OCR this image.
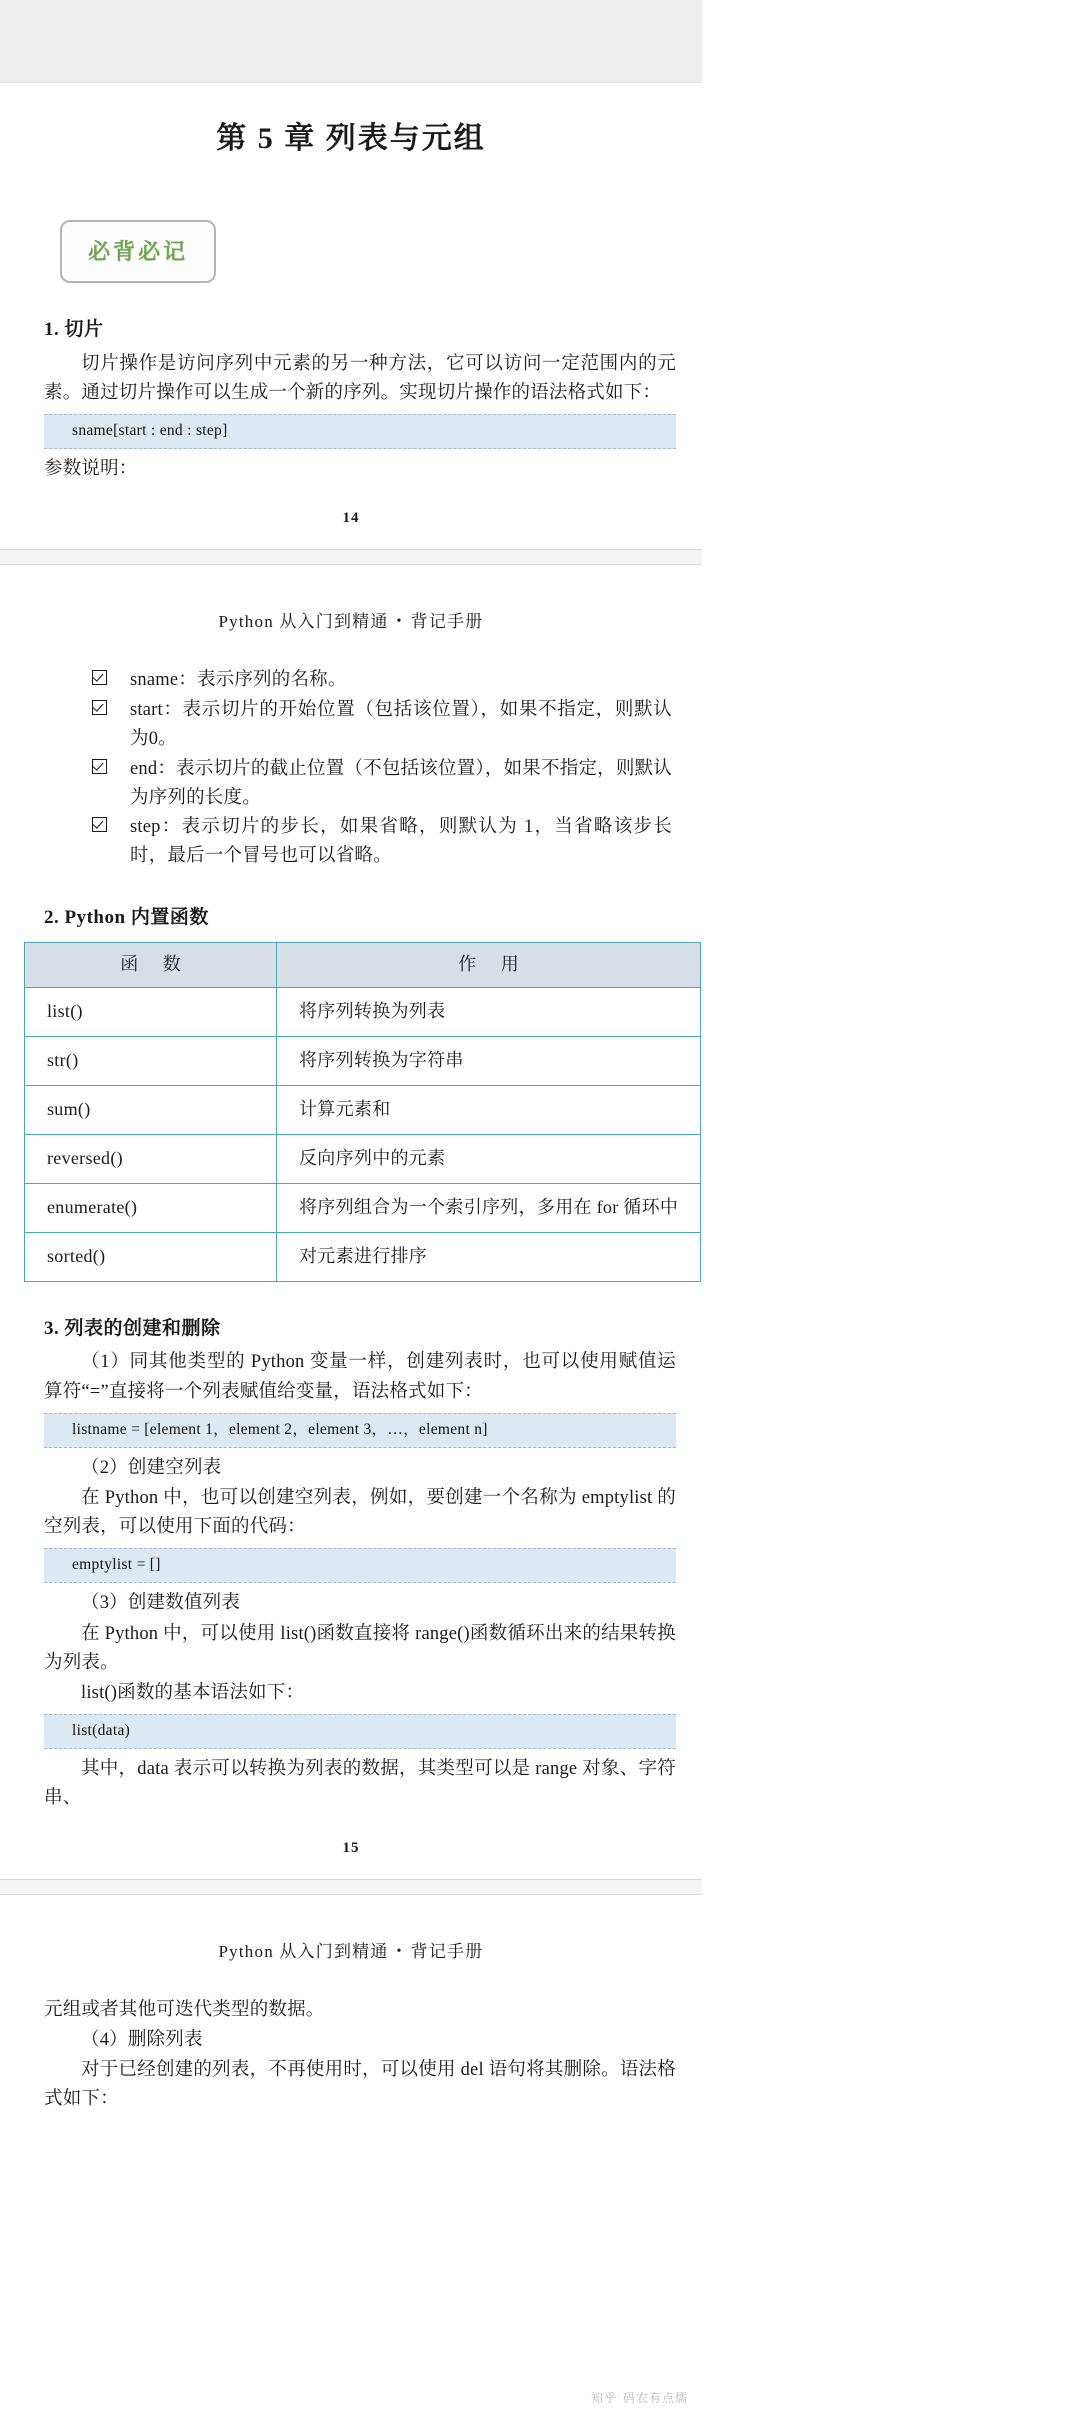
第 5 章 列表与元组
必背必记
1. 切片

切片操作是访问序列中元素的另一种方法，它可以访问一定范围内的元素。通过切片操作可以生成一个新的序列。实现切片操作的语法格式如下：

sname[start : end : step]

参数说明：

14
Python 从入门到精通 • 背记手册
sname：表示序列的名称。
start：表示切片的开始位置（包括该位置），如果不指定，则默认为0。
end：表示切片的截止位置（不包括该位置），如果不指定，则默认为序列的长度。
step：表示切片的步长，如果省略，则默认为 1，当省略该步长时，最后一个冒号也可以省略。
2. Python 内置函数
函 数	作 用
list()	将序列转换为列表
str()	将序列转换为字符串
sum()	计算元素和
reversed()	反向序列中的元素
enumerate()	将序列组合为一个索引序列，多用在 for 循环中
sorted()	对元素进行排序
3. 列表的创建和删除

（1）同其他类型的 Python 变量一样，创建列表时，也可以使用赋值运算符“=”直接将一个列表赋值给变量，语法格式如下：

listname = [element 1，element 2，element 3，…，element n]

（2）创建空列表

在 Python 中，也可以创建空列表，例如，要创建一个名称为 emptylist 的空列表，可以使用下面的代码：

emptylist = []

（3）创建数值列表

在 Python 中，可以使用 list()函数直接将 range()函数循环出来的结果转换为列表。

list()函数的基本语法如下：

list(data)

其中，data 表示可以转换为列表的数据，其类型可以是 range 对象、字符串、

15
Python 从入门到精通 • 背记手册

元组或者其他可迭代类型的数据。

（4）删除列表

对于已经创建的列表，不再使用时，可以使用 del 语句将其删除。语法格式如下：

知乎 码农有点儒
